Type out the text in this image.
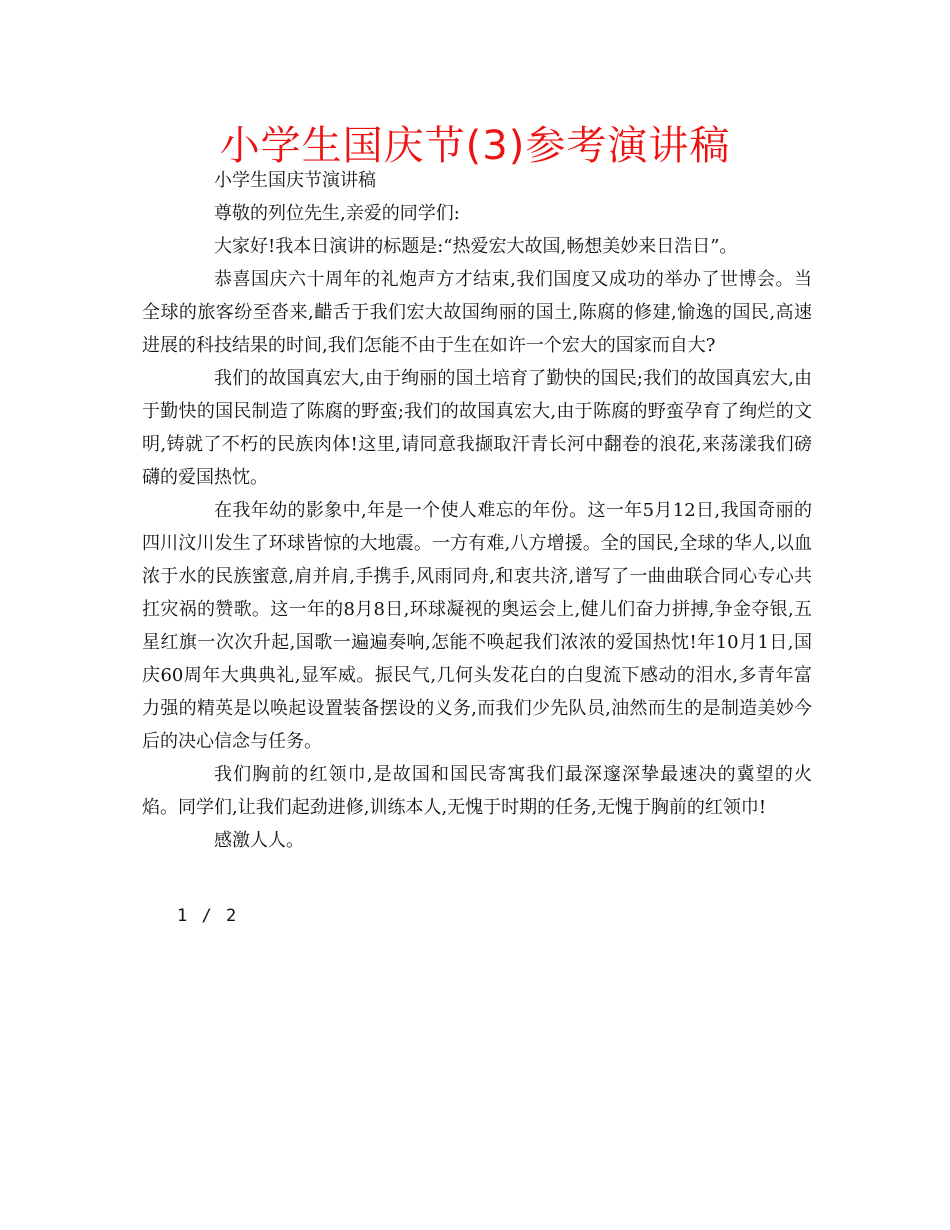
小学生国庆节(3)参考演讲稿

小学生国庆节演讲稿

尊敬的列位先生,亲爱的同学们:

大家好!我本日演讲的标题是:“热爱宏大故国,畅想美妙来日浩日”。

恭喜国庆六十周年的礼炮声方才结束,我们国度又成功的举办了世博会。当全球的旅客纷至沓来,齰舌于我们宏大故国绚丽的国土,陈腐的修建,愉逸的国民,高速进展的科技结果的时间,我们怎能不由于生在如许一个宏大的国家而自大?

我们的故国真宏大,由于绚丽的国土培育了勤快的国民;我们的故国真宏大,由于勤快的国民制造了陈腐的野蛮;我们的故国真宏大,由于陈腐的野蛮孕育了绚烂的文明,铸就了不朽的民族肉体!这里,请同意我撷取汗青长河中翻卷的浪花,来荡漾我们磅礴的爱国热忱。

在我年幼的影象中,年是一个使人难忘的年份。这一年5月12日,我国奇丽的四川汶川发生了环球皆惊的大地震。一方有难,八方增援。全的国民,全球的华人,以血浓于水的民族蜜意,肩并肩,手携手,风雨同舟,和衷共济,谱写了一曲曲联合同心专心共扛灾祸的赞歌。这一年的8月8日,环球凝视的奥运会上,健儿们奋力拼搏,争金夺银,五星红旗一次次升起,国歌一遍遍奏响,怎能不唤起我们浓浓的爱国热忱!年10月1日,国庆60周年大典典礼,显军威。振民气,几何头发花白的白叟流下感动的泪水,多青年富力强的精英是以唤起设置装备摆设的义务,而我们少先队员,油然而生的是制造美妙今后的决心信念与任务。

我们胸前的红领巾,是故国和国民寄寓我们最深邃深挚最速决的冀望的火焰。同学们,让我们起劲进修,训练本人,无愧于时期的任务,无愧于胸前的红领巾!

感激人人。

1 / 2
